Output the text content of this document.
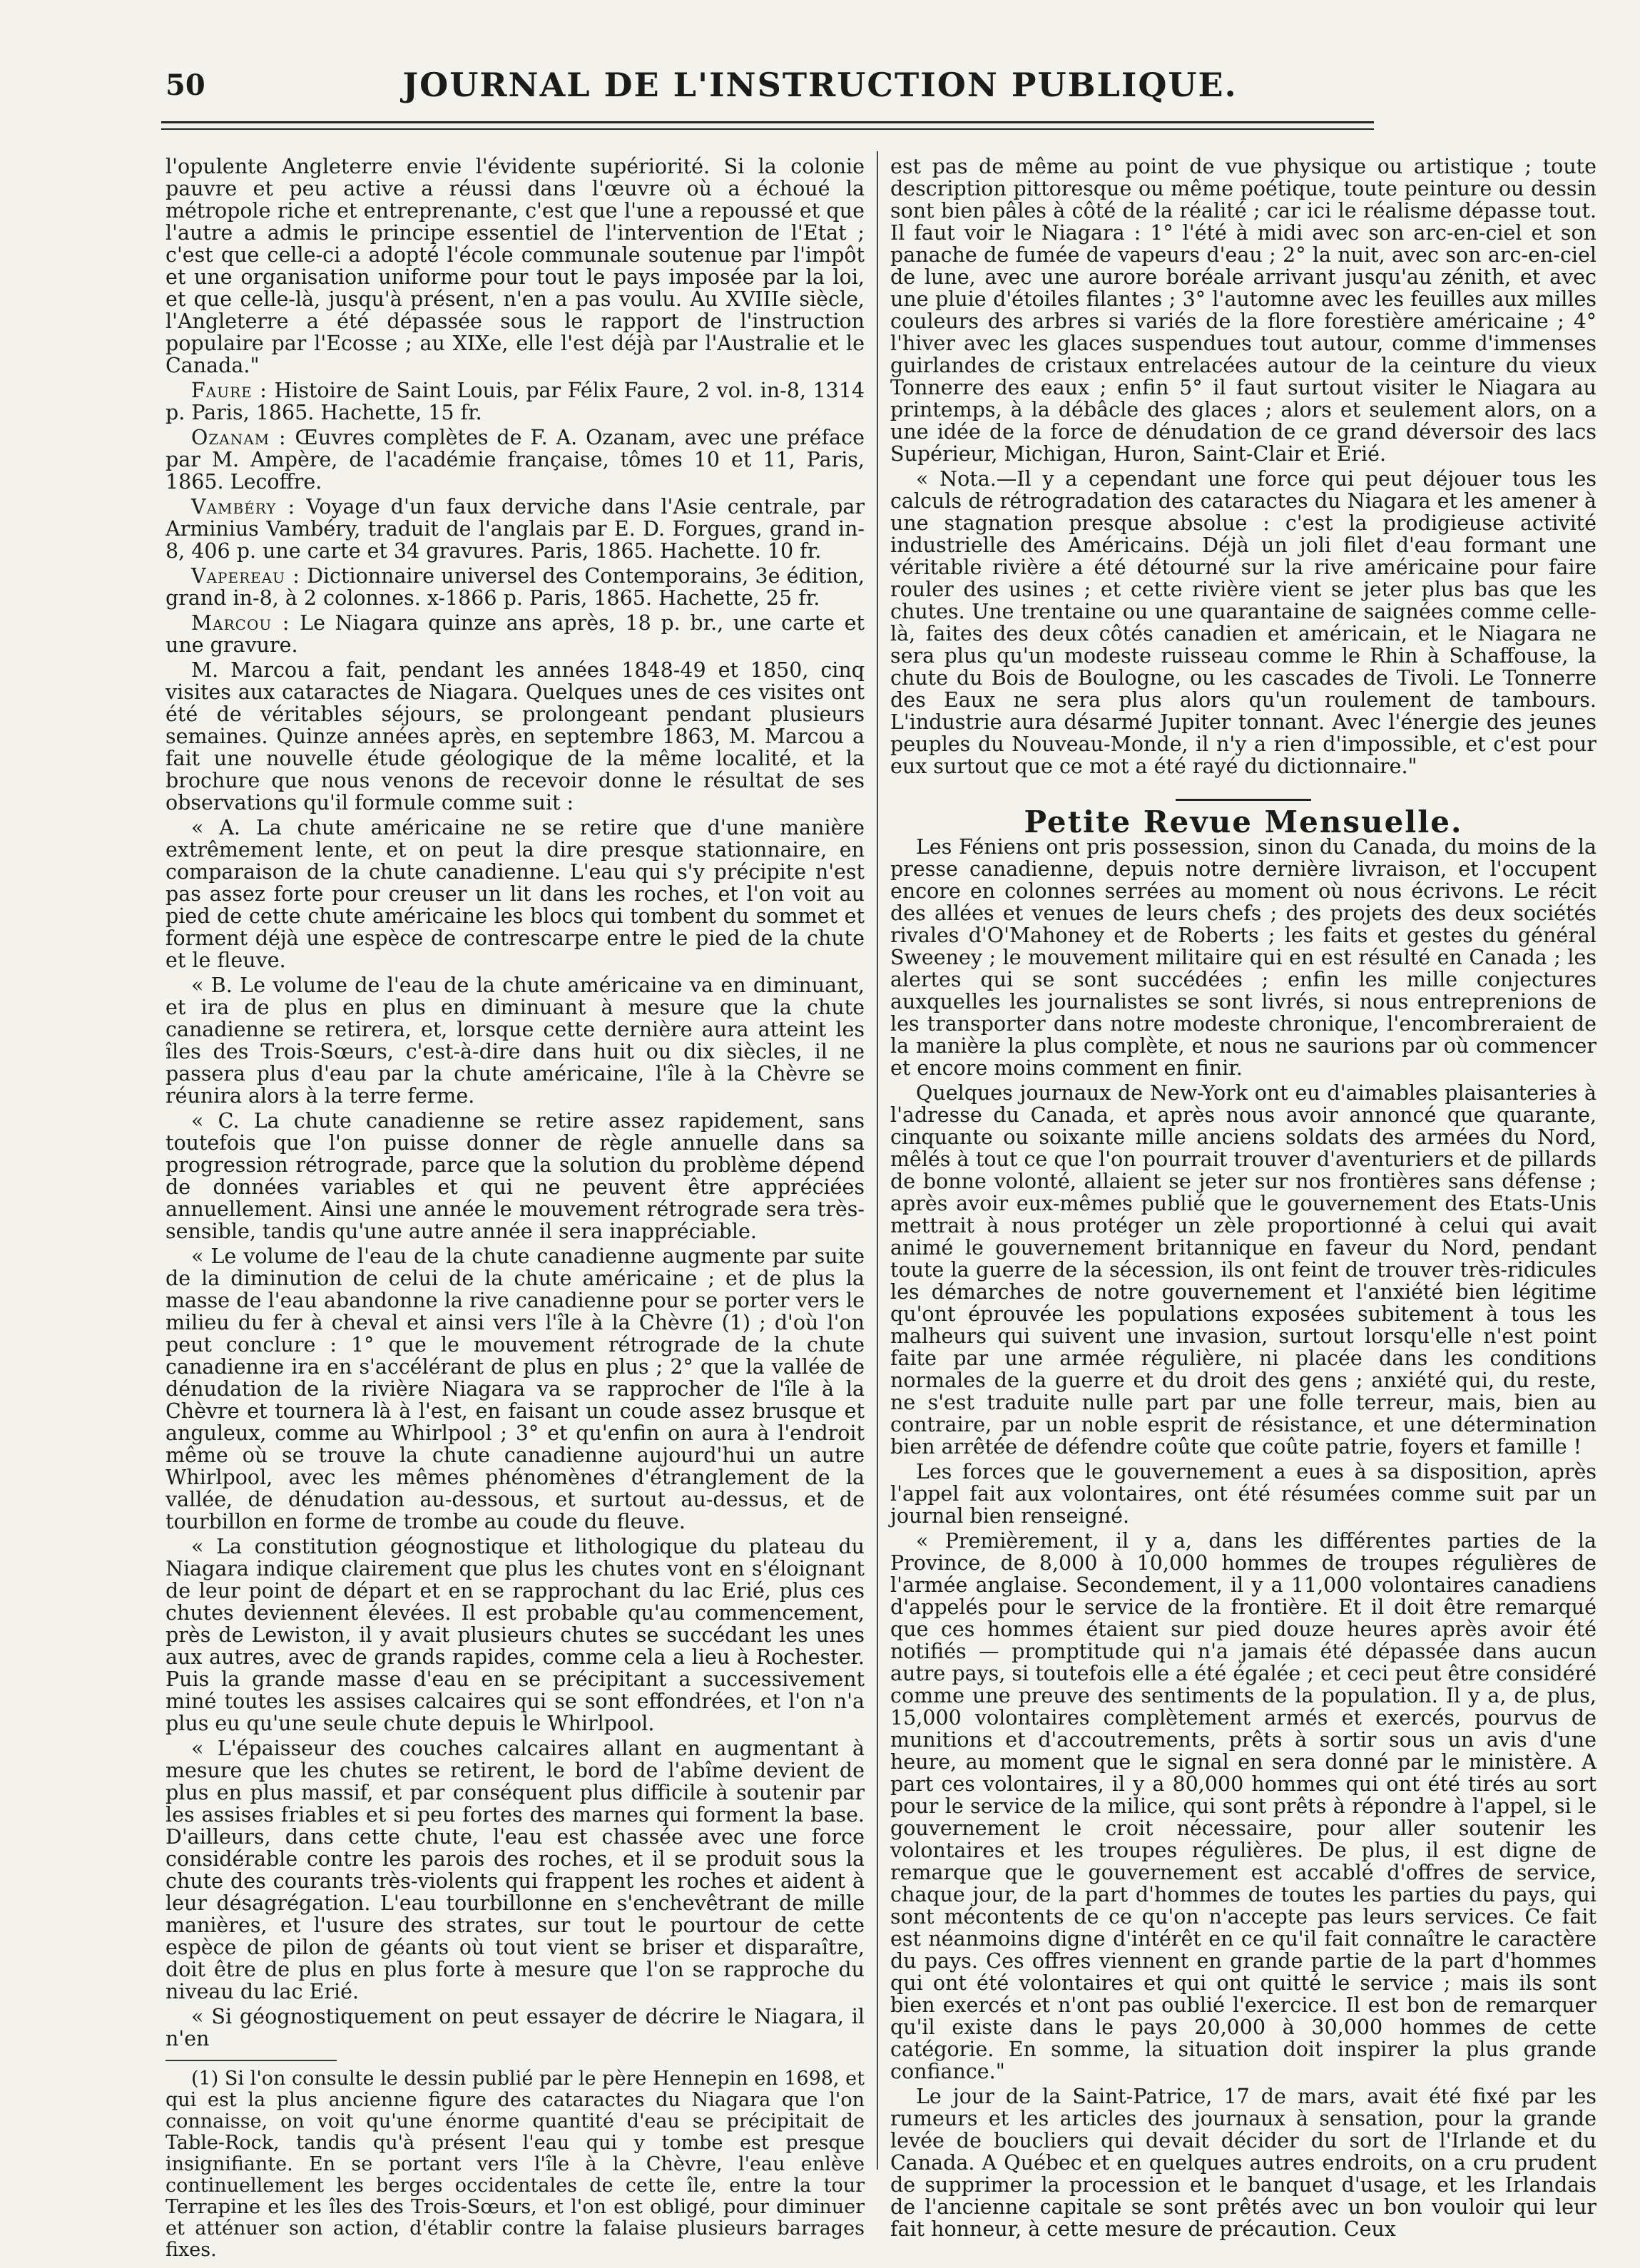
50	JOURNAL DE L'INSTRUCTION PUBLIQUE.

l'opulente Angleterre envie l'évidente supériorité. Si la colonie pauvre et peu active a réussi dans l'œuvre où a échoué la métropole riche et entreprenante, c'est que l'une a repoussé et que l'autre a admis le principe essentiel de l'intervention de l'Etat ; c'est que celle-ci a adopté l'école communale soutenue par l'impôt et une organisation uniforme pour tout le pays imposée par la loi, et que celle-là, jusqu'à présent, n'en a pas voulu. Au XVIIIe siècle, l'Angleterre a été dépassée sous le rapport de l'instruction populaire par l'Ecosse ; au XIXe, elle l'est déjà par l'Australie et le Canada."

Faure : Histoire de Saint Louis, par Félix Faure, 2 vol. in-8, 1314 p. Paris, 1865. Hachette, 15 fr.

Ozanam : Œuvres complètes de F. A. Ozanam, avec une préface par M. Ampère, de l'académie française, tômes 10 et 11, Paris, 1865. Lecoffre.

Vambéry : Voyage d'un faux derviche dans l'Asie centrale, par Arminius Vambéry, traduit de l'anglais par E. D. Forgues, grand in-8, 406 p. une carte et 34 gravures. Paris, 1865. Hachette. 10 fr.

Vapereau : Dictionnaire universel des Contemporains, 3e édition, grand in-8, à 2 colonnes. x-1866 p. Paris, 1865. Hachette, 25 fr.

Marcou : Le Niagara quinze ans après, 18 p. br., une carte et une gravure.

M. Marcou a fait, pendant les années 1848-49 et 1850, cinq visites aux cataractes de Niagara. Quelques unes de ces visites ont été de véritables séjours, se prolongeant pendant plusieurs semaines. Quinze années après, en septembre 1863, M. Marcou a fait une nouvelle étude géologique de la même localité, et la brochure que nous venons de recevoir donne le résultat de ses observations qu'il formule comme suit :

« A. La chute américaine ne se retire que d'une manière extrêmement lente, et on peut la dire presque stationnaire, en comparaison de la chute canadienne. L'eau qui s'y précipite n'est pas assez forte pour creuser un lit dans les roches, et l'on voit au pied de cette chute américaine les blocs qui tombent du sommet et forment déjà une espèce de contrescarpe entre le pied de la chute et le fleuve.

« B. Le volume de l'eau de la chute américaine va en diminuant, et ira de plus en plus en diminuant à mesure que la chute canadienne se retirera, et, lorsque cette dernière aura atteint les îles des Trois-Sœurs, c'est-à-dire dans huit ou dix siècles, il ne passera plus d'eau par la chute américaine, l'île à la Chèvre se réunira alors à la terre ferme.

« C. La chute canadienne se retire assez rapidement, sans toutefois que l'on puisse donner de règle annuelle dans sa progression rétrograde, parce que la solution du problème dépend de données variables et qui ne peuvent être appréciées annuellement. Ainsi une année le mouvement rétrograde sera très-sensible, tandis qu'une autre année il sera inappréciable.

« Le volume de l'eau de la chute canadienne augmente par suite de la diminution de celui de la chute américaine ; et de plus la masse de l'eau abandonne la rive canadienne pour se porter vers le milieu du fer à cheval et ainsi vers l'île à la Chèvre (1) ; d'où l'on peut conclure : 1° que le mouvement rétrograde de la chute canadienne ira en s'accélérant de plus en plus ; 2° que la vallée de dénudation de la rivière Niagara va se rapprocher de l'île à la Chèvre et tournera là à l'est, en faisant un coude assez brusque et anguleux, comme au Whirlpool ; 3° et qu'enfin on aura à l'endroit même où se trouve la chute canadienne aujourd'hui un autre Whirlpool, avec les mêmes phénomènes d'étranglement de la vallée, de dénudation au-dessous, et surtout au-dessus, et de tourbillon en forme de trombe au coude du fleuve.

« La constitution géognostique et lithologique du plateau du Niagara indique clairement que plus les chutes vont en s'éloignant de leur point de départ et en se rapprochant du lac Erié, plus ces chutes deviennent élevées. Il est probable qu'au commencement, près de Lewiston, il y avait plusieurs chutes se succédant les unes aux autres, avec de grands rapides, comme cela a lieu à Rochester. Puis la grande masse d'eau en se précipitant a successivement miné toutes les assises calcaires qui se sont effondrées, et l'on n'a plus eu qu'une seule chute depuis le Whirlpool.

« L'épaisseur des couches calcaires allant en augmentant à mesure que les chutes se retirent, le bord de l'abîme devient de plus en plus massif, et par conséquent plus difficile à soutenir par les assises friables et si peu fortes des marnes qui forment la base. D'ailleurs, dans cette chute, l'eau est chassée avec une force considérable contre les parois des roches, et il se produit sous la chute des courants très-violents qui frappent les roches et aident à leur désagrégation. L'eau tourbillonne en s'enchevêtrant de mille manières, et l'usure des strates, sur tout le pourtour de cette espèce de pilon de géants où tout vient se briser et disparaître, doit être de plus en plus forte à mesure que l'on se rapproche du niveau du lac Erié.

« Si géognostiquement on peut essayer de décrire le Niagara, il n'en

(1) Si l'on consulte le dessin publié par le père Hennepin en 1698, et qui est la plus ancienne figure des cataractes du Niagara que l'on connaisse, on voit qu'une énorme quantité d'eau se précipitait de Table-Rock, tandis qu'à présent l'eau qui y tombe est presque insignifiante. En se portant vers l'île à la Chèvre, l'eau enlève continuellement les berges occidentales de cette île, entre la tour Terrapine et les îles des Trois-Sœurs, et l'on est obligé, pour diminuer et atténuer son action, d'établir contre la falaise plusieurs barrages fixes.

est pas de même au point de vue physique ou artistique ; toute description pittoresque ou même poétique, toute peinture ou dessin sont bien pâles à côté de la réalité ; car ici le réalisme dépasse tout. Il faut voir le Niagara : 1° l'été à midi avec son arc-en-ciel et son panache de fumée de vapeurs d'eau ; 2° la nuit, avec son arc-en-ciel de lune, avec une aurore boréale arrivant jusqu'au zénith, et avec une pluie d'étoiles filantes ; 3° l'automne avec les feuilles aux milles couleurs des arbres si variés de la flore forestière américaine ; 4° l'hiver avec les glaces suspendues tout autour, comme d'immenses guirlandes de cristaux entrelacées autour de la ceinture du vieux Tonnerre des eaux ; enfin 5° il faut surtout visiter le Niagara au printemps, à la débâcle des glaces ; alors et seulement alors, on a une idée de la force de dénudation de ce grand déversoir des lacs Supérieur, Michigan, Huron, Saint-Clair et Erié.

« Nota.—Il y a cependant une force qui peut déjouer tous les calculs de rétrogradation des cataractes du Niagara et les amener à une stagnation presque absolue : c'est la prodigieuse activité industrielle des Américains. Déjà un joli filet d'eau formant une véritable rivière a été détourné sur la rive américaine pour faire rouler des usines ; et cette rivière vient se jeter plus bas que les chutes. Une trentaine ou une quarantaine de saignées comme celle-là, faites des deux côtés canadien et américain, et le Niagara ne sera plus qu'un modeste ruisseau comme le Rhin à Schaffouse, la chute du Bois de Boulogne, ou les cascades de Tivoli. Le Tonnerre des Eaux ne sera plus alors qu'un roulement de tambours. L'industrie aura désarmé Jupiter tonnant. Avec l'énergie des jeunes peuples du Nouveau-Monde, il n'y a rien d'impossible, et c'est pour eux surtout que ce mot a été rayé du dictionnaire."

Petite Revue Mensuelle.

Les Féniens ont pris possession, sinon du Canada, du moins de la presse canadienne, depuis notre dernière livraison, et l'occupent encore en colonnes serrées au moment où nous écrivons. Le récit des allées et venues de leurs chefs ; des projets des deux sociétés rivales d'O'Mahoney et de Roberts ; les faits et gestes du général Sweeney ; le mouvement militaire qui en est résulté en Canada ; les alertes qui se sont succédées ; enfin les mille conjectures auxquelles les journalistes se sont livrés, si nous entreprenions de les transporter dans notre modeste chronique, l'encombreraient de la manière la plus complète, et nous ne saurions par où commencer et encore moins comment en finir.

Quelques journaux de New-York ont eu d'aimables plaisanteries à l'adresse du Canada, et après nous avoir annoncé que quarante, cinquante ou soixante mille anciens soldats des armées du Nord, mêlés à tout ce que l'on pourrait trouver d'aventuriers et de pillards de bonne volonté, allaient se jeter sur nos frontières sans défense ; après avoir eux-mêmes publié que le gouvernement des Etats-Unis mettrait à nous protéger un zèle proportionné à celui qui avait animé le gouvernement britannique en faveur du Nord, pendant toute la guerre de la sécession, ils ont feint de trouver très-ridicules les démarches de notre gouvernement et l'anxiété bien légitime qu'ont éprouvée les populations exposées subitement à tous les malheurs qui suivent une invasion, surtout lorsqu'elle n'est point faite par une armée régulière, ni placée dans les conditions normales de la guerre et du droit des gens ; anxiété qui, du reste, ne s'est traduite nulle part par une folle terreur, mais, bien au contraire, par un noble esprit de résistance, et une détermination bien arrêtée de défendre coûte que coûte patrie, foyers et famille !

Les forces que le gouvernement a eues à sa disposition, après l'appel fait aux volontaires, ont été résumées comme suit par un journal bien renseigné.

« Premièrement, il y a, dans les différentes parties de la Province, de 8,000 à 10,000 hommes de troupes régulières de l'armée anglaise. Secondement, il y a 11,000 volontaires canadiens d'appelés pour le service de la frontière. Et il doit être remarqué que ces hommes étaient sur pied douze heures après avoir été notifiés — promptitude qui n'a jamais été dépassée dans aucun autre pays, si toutefois elle a été égalée ; et ceci peut être considéré comme une preuve des sentiments de la population. Il y a, de plus, 15,000 volontaires complètement armés et exercés, pourvus de munitions et d'accoutrements, prêts à sortir sous un avis d'une heure, au moment que le signal en sera donné par le ministère. A part ces volontaires, il y a 80,000 hommes qui ont été tirés au sort pour le service de la milice, qui sont prêts à répondre à l'appel, si le gouvernement le croit nécessaire, pour aller soutenir les volontaires et les troupes régulières. De plus, il est digne de remarque que le gouvernement est accablé d'offres de service, chaque jour, de la part d'hommes de toutes les parties du pays, qui sont mécontents de ce qu'on n'accepte pas leurs services. Ce fait est néanmoins digne d'intérêt en ce qu'il fait connaître le caractère du pays. Ces offres viennent en grande partie de la part d'hommes qui ont été volontaires et qui ont quitté le service ; mais ils sont bien exercés et n'ont pas oublié l'exercice. Il est bon de remarquer qu'il existe dans le pays 20,000 à 30,000 hommes de cette catégorie. En somme, la situation doit inspirer la plus grande confiance."

Le jour de la Saint-Patrice, 17 de mars, avait été fixé par les rumeurs et les articles des journaux à sensation, pour la grande levée de boucliers qui devait décider du sort de l'Irlande et du Canada. A Québec et en quelques autres endroits, on a cru prudent de supprimer la procession et le banquet d'usage, et les Irlandais de l'ancienne capitale se sont prêtés avec un bon vouloir qui leur fait honneur, à cette mesure de précaution. Ceux
